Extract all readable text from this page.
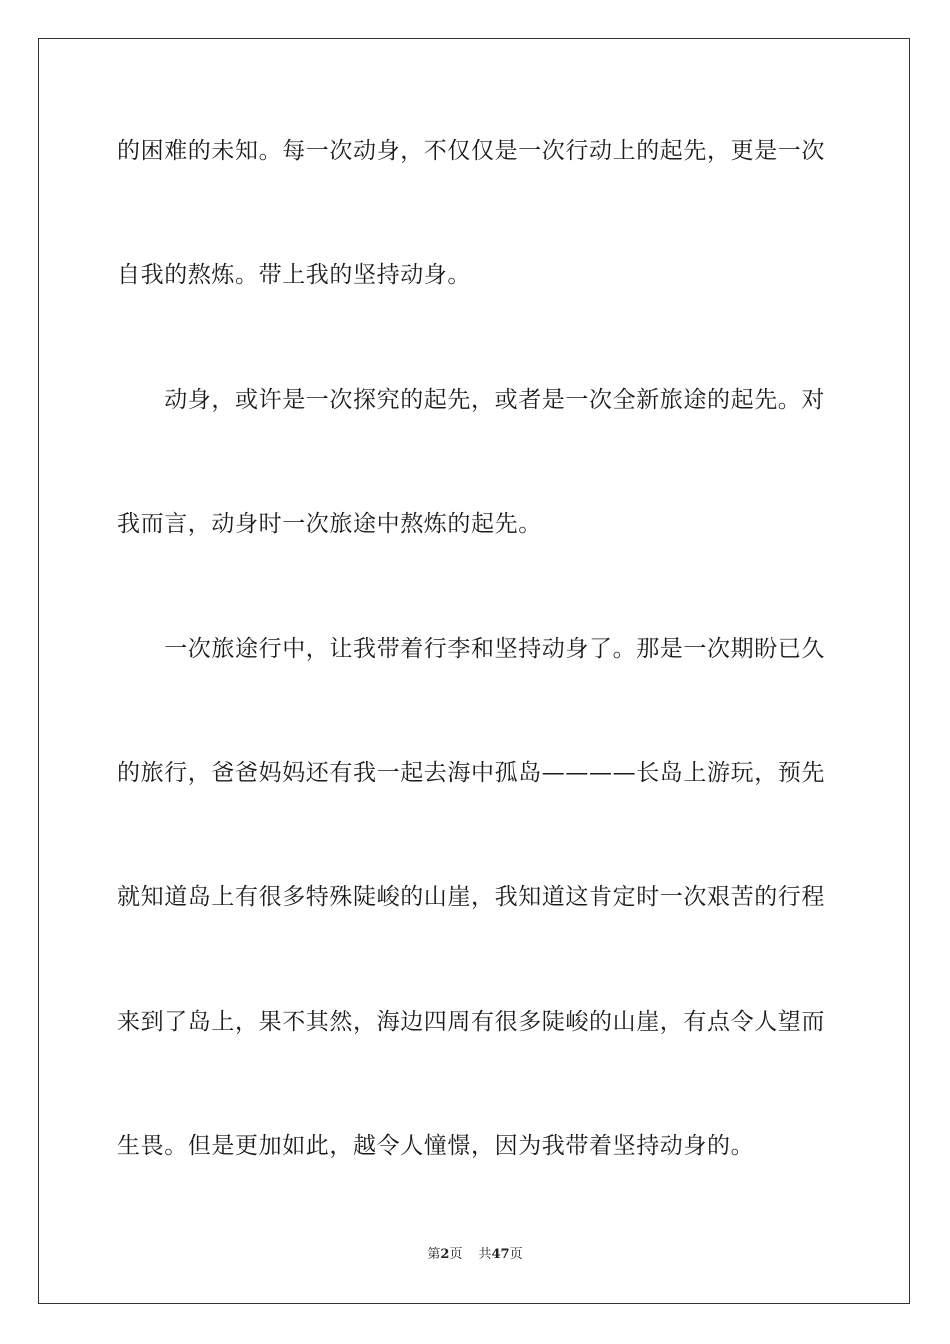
的困难的未知。每一次动身，不仅仅是一次行动上的起先，更是一次
自我的熬炼。带上我的坚持动身。
　　动身，或许是一次探究的起先，或者是一次全新旅途的起先。对
我而言，动身时一次旅途中熬炼的起先。
　　一次旅途行中，让我带着行李和坚持动身了。那是一次期盼已久
的旅行，爸爸妈妈还有我一起去海中孤岛————长岛上游玩，预先
就知道岛上有很多特殊陡峻的山崖，我知道这肯定时一次艰苦的行程
来到了岛上，果不其然，海边四周有很多陡峻的山崖，有点令人望而
生畏。但是更加如此，越令人憧憬，因为我带着坚持动身的。
第2页 共47页
